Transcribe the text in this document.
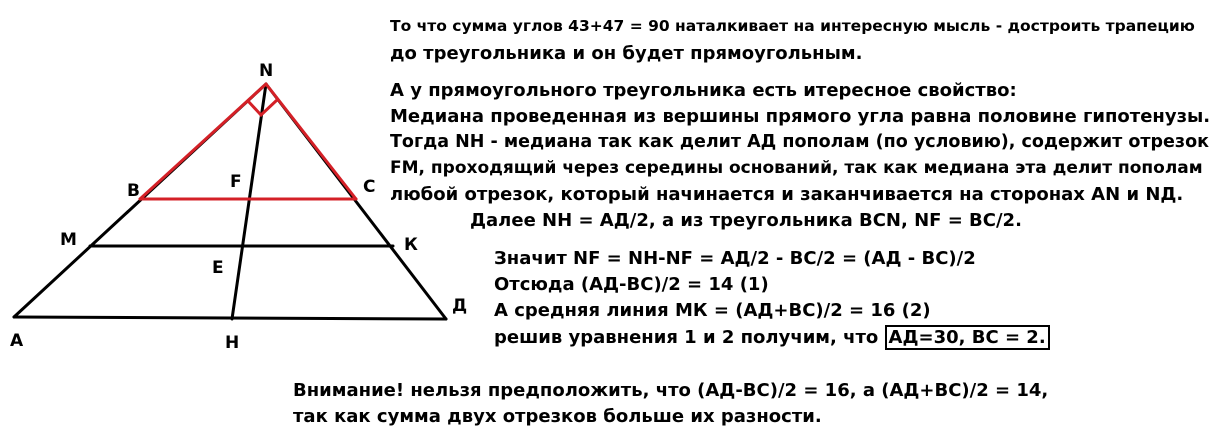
А
Д
Н
N
В	С
F
М	К
Е
То что сумма углов 43+47 = 90 наталкивает на интересную мысль - достроить трапецию
до треугольника и он будет прямоугольным.
А у прямоугольного треугольника есть итересное свойство:
Медиана проведенная из вершины прямого угла равна половине гипотенузы.
Тогда NH - медиана так как делит АД пополам (по условию), содержит отрезок
FM, проходящий через середины оснований, так как медиана эта делит пополам
любой отрезок, который начинается и заканчивается на сторонах AN и NД.
Далее NH = АД/2, а из треугольника BCN, NF = BC/2.
Значит NF = NH-NF = АД/2 - ВС/2 = (АД - ВС)/2
Отсюда (АД-ВС)/2 = 14 (1)
А средняя линия МК = (АД+ВС)/2 = 16 (2)
решив уравнения 1 и 2 получим, что АД=30, ВС = 2.
Внимание! нельзя предположить, что (АД-ВС)/2 = 16, а (АД+ВС)/2 = 14,
так как сумма двух отрезков больше их разности.
